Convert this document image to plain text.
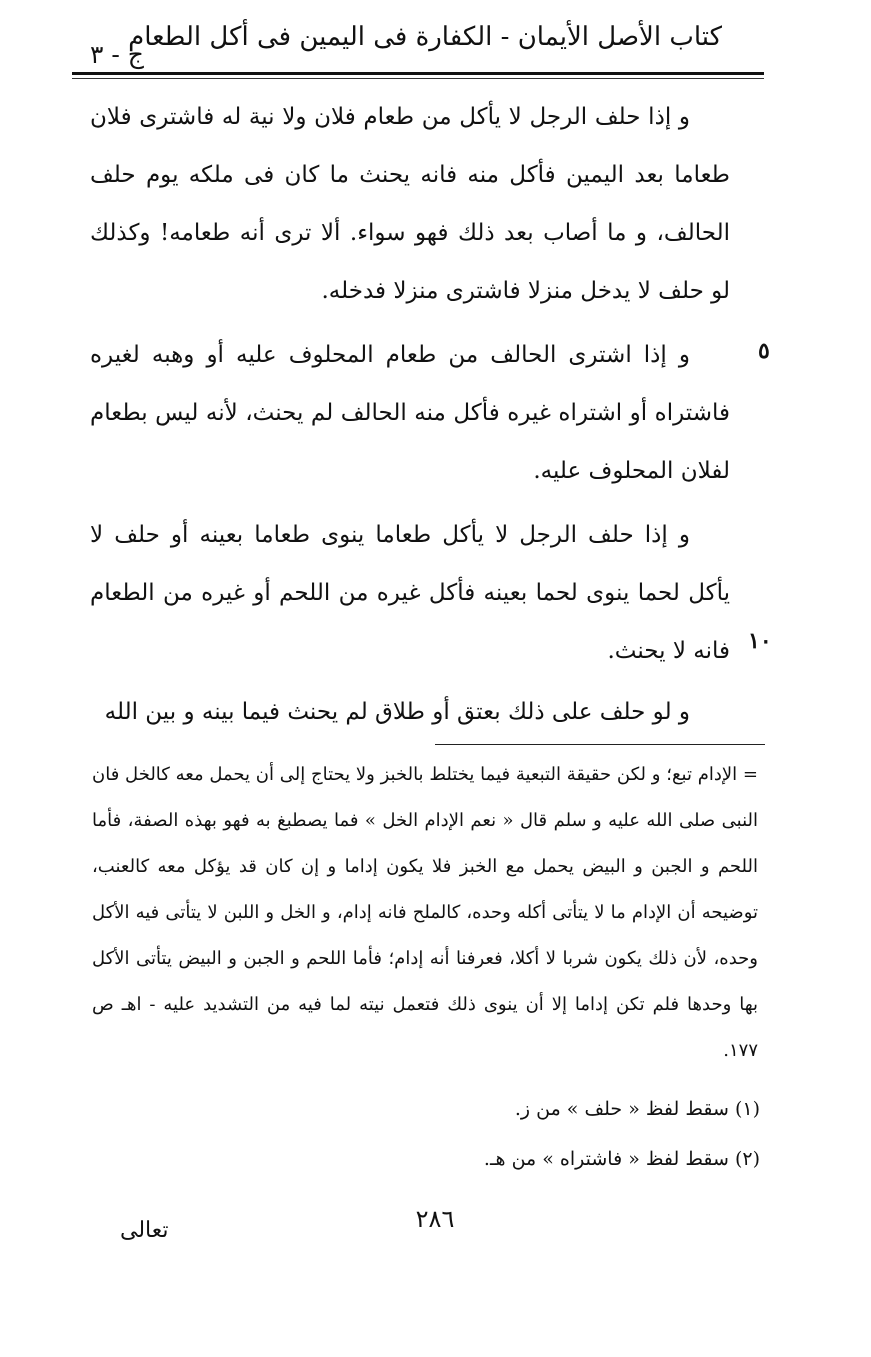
كتاب الأصل الأيمان - الكفارة فى اليمين فى أكل الطعام
ج - ٣

و إذا حلف الرجل لا يأكل من طعام فلان ولا نية له فاشترى فلان طعاما بعد اليمين فأكل منه فانه يحنث ما كان فى ملكه يوم حلف الحالف، و ما أصاب بعد ذلك فهو سواء. ألا ترى أنه طعامه! وكذلك لو حلف لا يدخل منزلا فاشترى منزلا فدخله.

٥

و إذا اشترى الحالف من طعام المحلوف عليه أو وهبه لغيره فاشتراه أو اشتراه غيره فأكل منه الحالف لم يحنث، لأنه ليس بطعام لفلان المحلوف عليه.

و إذا حلف الرجل لا يأكل طعاما ينوى طعاما بعينه أو حلف لا يأكل لحما ينوى لحما بعينه فأكل غيره من اللحم أو غيره من الطعام فانه لا يحنث. ١٠

و لو حلف على ذلك بعتق أو طلاق لم يحنث فيما بينه و بين الله

= الإدام تبع؛ و لكن حقيقة التبعية فيما يختلط بالخبز ولا يحتاج إلى أن يحمل معه كالخل فان النبى صلى الله عليه و سلم قال « نعم الإدام الخل » فما يصطبغ به فهو بهذه الصفة، فأما اللحم و الجبن و البيض يحمل مع الخبز فلا يكون إداما و إن كان قد يؤكل معه كالعنب، توضيحه أن الإدام ما لا يتأتى أكله وحده، كالملح فانه إدام، و الخل و اللبن لا يتأتى فيه الأكل وحده، لأن ذلك يكون شربا لا أكلا، فعرفنا أنه إدام؛ فأما اللحم و الجبن و البيض يتأتى الأكل بها وحدها فلم تكن إداما إلا أن ينوى ذلك فتعمل نيته لما فيه من التشديد عليه - اهـ ص ١٧٧.

(١) سقط لفظ « حلف » من ز.
(٢) سقط لفظ « فاشتراه » من هـ.
٢٨٦
تعالى
